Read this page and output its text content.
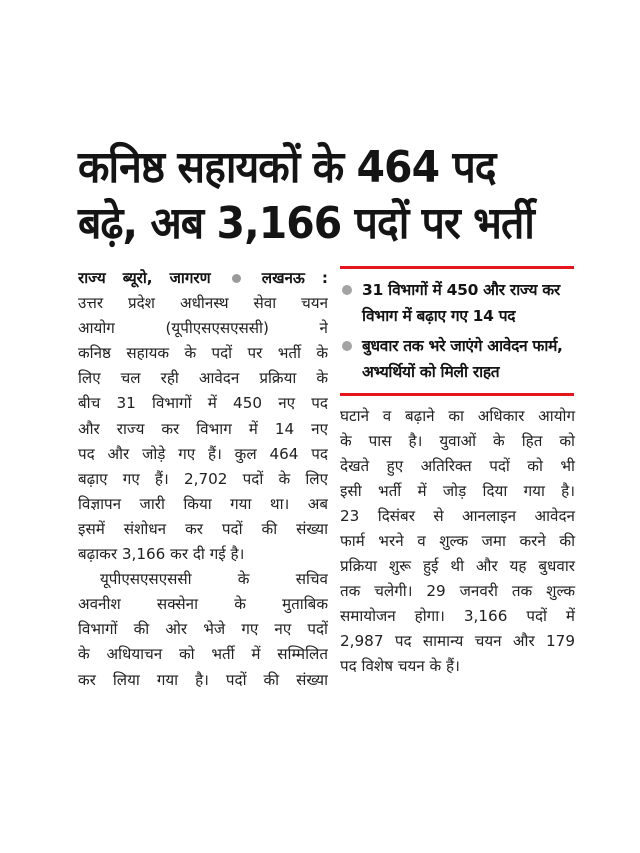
कनिष्ठ सहायकों के 464 पद
बढ़े, अब 3,166 पदों पर भर्ती
राज्य ब्यूरो, जागरण	लखनऊ :
उत्तर प्रदेश अधीनस्थ सेवा चयन
आयोग (यूपीएसएसएससी) ने
कनिष्ठ सहायक के पदों पर भर्ती के
लिए चल रही आवेदन प्रक्रिया के
बीच 31 विभागों में 450 नए पद
और राज्य कर विभाग में 14 नए
पद और जोड़े गए हैं। कुल 464 पद
बढ़ाए गए हैं। 2,702 पदों के लिए
विज्ञापन जारी किया गया था। अब
इसमें संशोधन कर पदों की संख्या
बढ़ाकर 3,166 कर दी गई है।
यूपीएसएसएससी के सचिव
अवनीश सक्सेना के मुताबिक
विभागों की ओर भेजे गए नए पदों
के अधियाचन को भर्ती में सम्मिलित
कर लिया गया है। पदों की संख्या
31 विभागों में 450 और राज्य कर विभाग में बढ़ाए गए 14 पद
बुधवार तक भरे जाएंगे आवेदन फार्म, अभ्यर्थियों को मिली राहत
घटाने व बढ़ाने का अधिकार आयोग
के पास है। युवाओं के हित को
देखते हुए अतिरिक्त पदों को भी
इसी भर्ती में जोड़ दिया गया है।
23 दिसंबर से आनलाइन आवेदन
फार्म भरने व शुल्क जमा करने की
प्रक्रिया शुरू हुई थी और यह बुधवार
तक चलेगी। 29 जनवरी तक शुल्क
समायोजन होगा। 3,166 पदों में
2,987 पद सामान्य चयन और 179
पद विशेष चयन के हैं।
